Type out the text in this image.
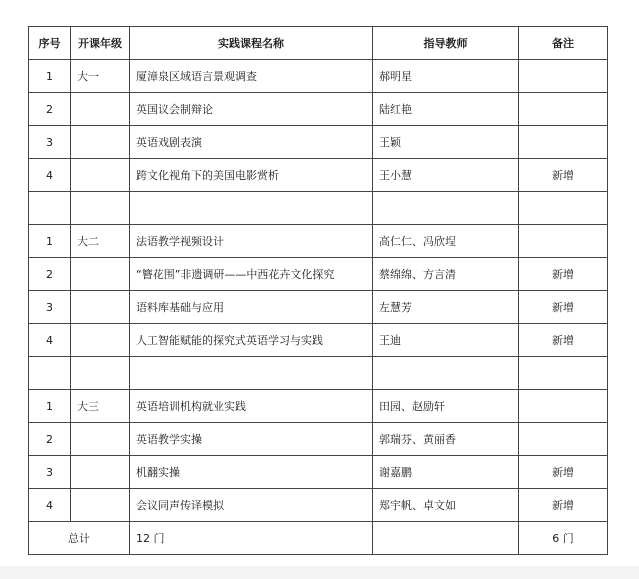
序号	开课年级	实践课程名称	指导教师	备注
1	大一	厦漳泉区域语言景观调查	郝明星	
2		英国议会制辩论	陆红艳	
3		英语戏剧表演	王颖	
4		跨文化视角下的美国电影赏析	王小慧	新增

1	大二	法语教学视频设计	高仁仁、冯欣埕	
2		“簪花围”非遗调研——中西花卉文化探究	蔡绵绵、方言清	新增
3		语料库基础与应用	左慧芳	新增
4		人工智能赋能的探究式英语学习与实践	王迪	新增

1	大三	英语培训机构就业实践	田园、赵励轩	
2		英语教学实操	郭瑞芬、黄丽香	
3		机翻实操	谢嘉鹏	新增
4		会议同声传译模拟	郑宇帆、卓文如	新增
总计		12 门		6 门
